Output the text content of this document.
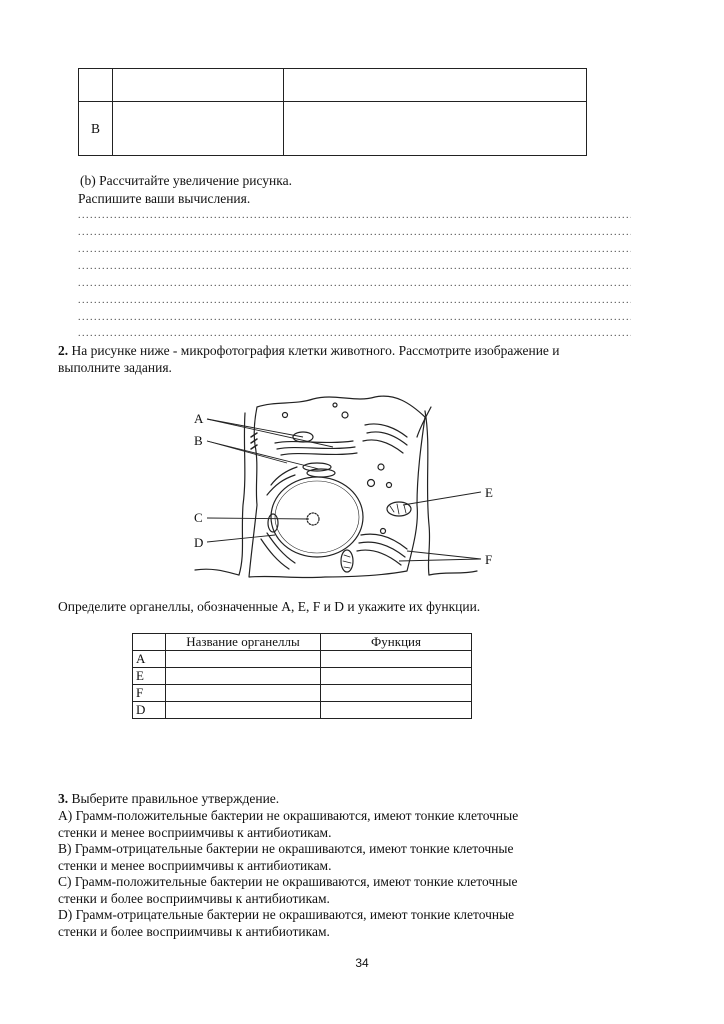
B		
(b) Рассчитайте увеличение рисунка.
Распишите ваши вычисления.
.....
.....
.....
.....
.....
.....
.....
.....
2. На рисунке ниже - микрофотография клетки животного. Рассмотрите изображение и
выполните задания.
A
B
C
D
E
F
Определите органеллы, обозначенные A, E, F и D и укажите их функции.
	Название органеллы	Функция
A		
E		
F		
D		
3. Выберите правильное утверждение.
A) Грамм-положительные бактерии не окрашиваются, имеют тонкие клеточные
стенки и менее восприимчивы к антибиотикам.
B) Грамм-отрицательные бактерии не окрашиваются, имеют тонкие клеточные
стенки и менее восприимчивы к антибиотикам.
C) Грамм-положительные бактерии не окрашиваются, имеют тонкие клеточные
стенки и более восприимчивы к антибиотикам.
D) Грамм-отрицательные бактерии не окрашиваются, имеют тонкие клеточные
стенки и более восприимчивы к антибиотикам.
34
